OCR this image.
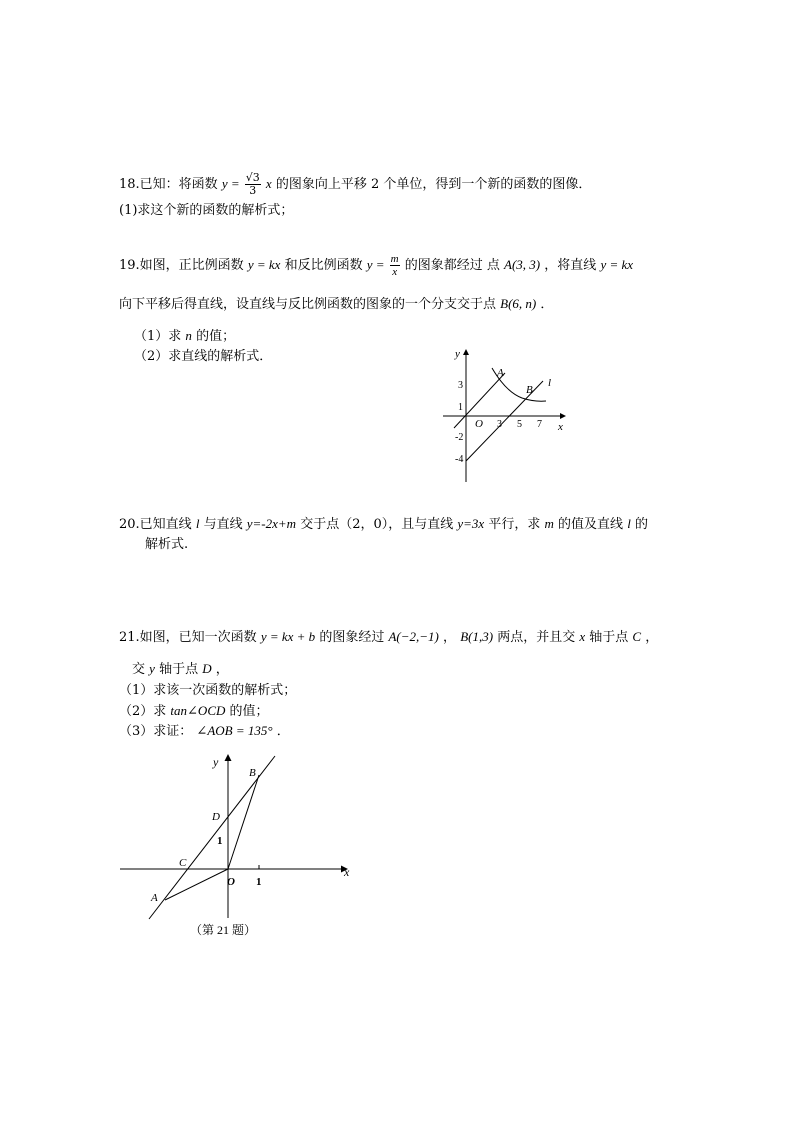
18.已知：将函数 $y = \frac{√3}{3}$ x 的图象向上平移 2 个单位，得到一个新的函数的图像．
(1)求这个新的函数的解析式；
19.如图，正比例函数 y = kx 和反比例函数 $y = \frac{m}{x}$ 的图象都经过 点 A(3, 3) ，将直线 y = kx
向下平移后得直线，设直线与反比例函数的图象的一个分支交于点 B(6, n) ．
（1）求 n 的值；
（2）求直线的解析式．	y
x
O 3 5 7
3
1
-2
-4
A
B
l
20.已知直线 l 与直线 y=-2x+m 交于点（2，0），且与直线 y=3x 平行，求 m 的值及直线 l 的
解析式.
21.如图，已知一次函数 y = kx + b 的图象经过 A(−2,−1) ， B(1,3) 两点，并且交 x 轴于点 C ，
交 y 轴于点 D ，
（1）求该一次函数的解析式；
（2）求 tan∠OCD 的值；
（3）求证： ∠AOB = 135° ．
y
x
O 1
1
A
B
C
D
（第 21 题）
